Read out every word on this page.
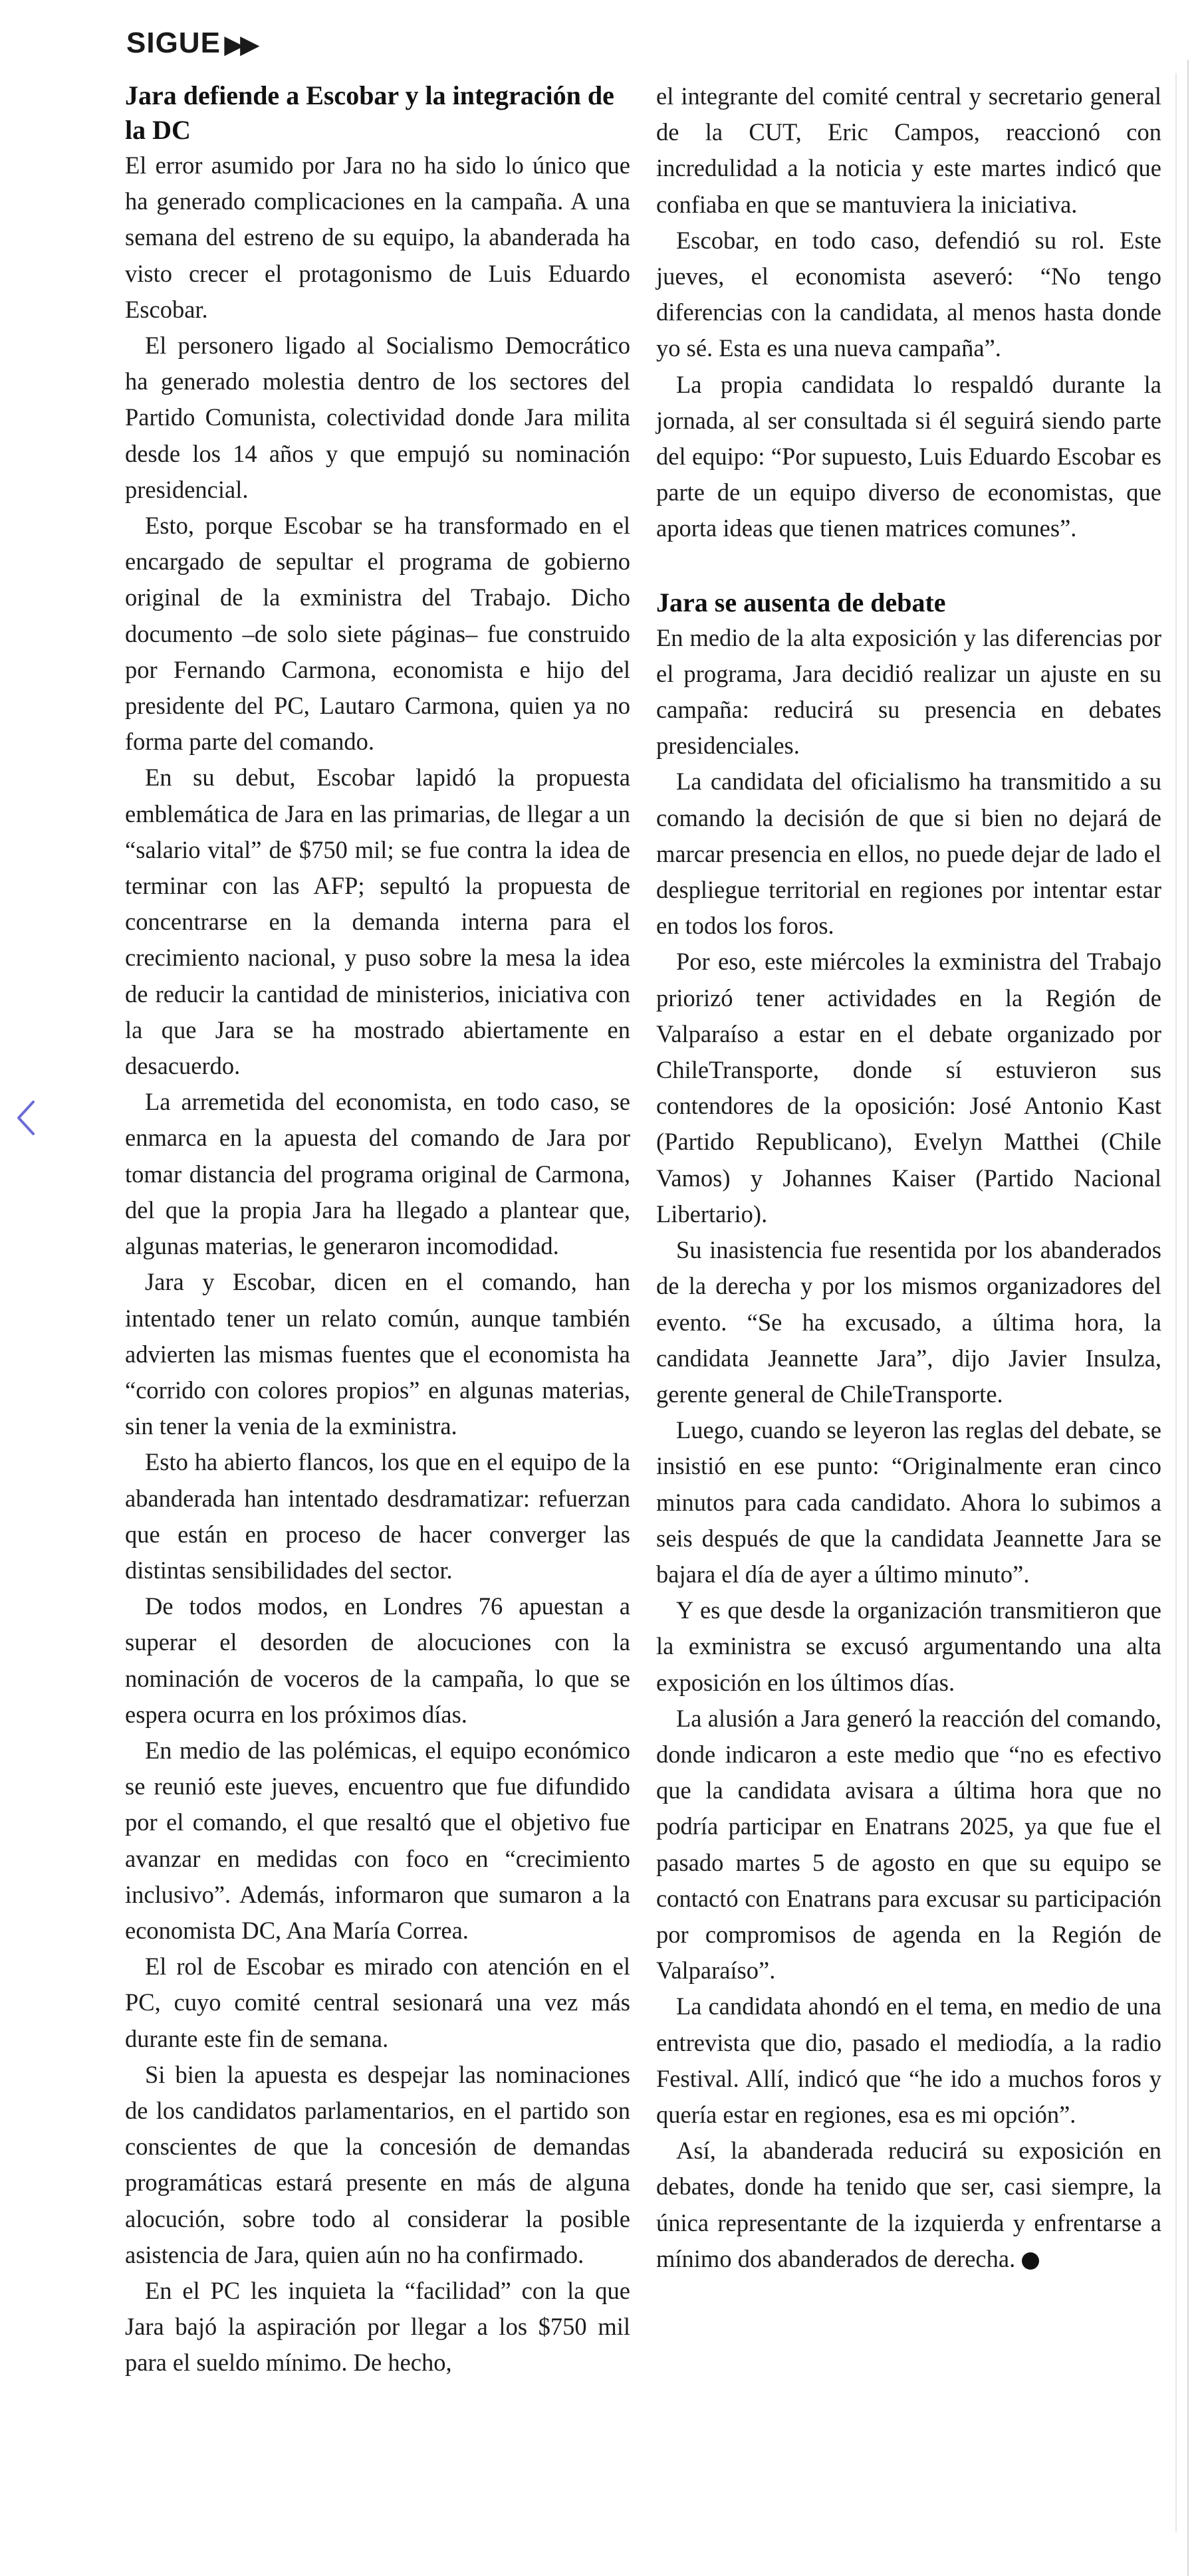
SIGUE ▶▶
Jara defiende a Escobar y la integración de la DC

El error asumido por Jara no ha sido lo único que ha generado complicaciones en la campaña. A una semana del estreno de su equipo, la abanderada ha visto crecer el protagonismo de Luis Eduardo Escobar.

El personero ligado al Socialismo Democrático ha generado molestia dentro de los sectores del Partido Comunista, colectividad donde Jara milita desde los 14 años y que empujó su nominación presidencial.

Esto, porque Escobar se ha transformado en el encargado de sepultar el programa de gobierno original de la exministra del Trabajo. Dicho documento –de solo siete páginas– fue construido por Fernando Carmona, economista e hijo del presidente del PC, Lautaro Carmona, quien ya no forma parte del comando.

En su debut, Escobar lapidó la propuesta emblemática de Jara en las primarias, de llegar a un “salario vital” de $750 mil; se fue contra la idea de terminar con las AFP; sepultó la propuesta de concentrarse en la demanda interna para el crecimiento nacional, y puso sobre la mesa la idea de reducir la cantidad de ministerios, iniciativa con la que Jara se ha mostrado abiertamente en desacuerdo.

La arremetida del economista, en todo caso, se enmarca en la apuesta del comando de Jara por tomar distancia del programa original de Carmona, del que la propia Jara ha llegado a plantear que, algunas materias, le generaron incomodidad.

Jara y Escobar, dicen en el comando, han intentado tener un relato común, aunque también advierten las mismas fuentes que el economista ha “corrido con colores propios” en algunas materias, sin tener la venia de la exministra.

Esto ha abierto flancos, los que en el equipo de la abanderada han intentado desdramatizar: refuerzan que están en proceso de hacer converger las distintas sensibilidades del sector.

De todos modos, en Londres 76 apuestan a superar el desorden de alocuciones con la nominación de voceros de la campaña, lo que se espera ocurra en los próximos días.

En medio de las polémicas, el equipo económico se reunió este jueves, encuentro que fue difundido por el comando, el que resaltó que el objetivo fue avanzar en medidas con foco en “crecimiento inclusivo”. Además, informaron que sumaron a la economista DC, Ana María Correa.

El rol de Escobar es mirado con atención en el PC, cuyo comité central sesionará una vez más durante este fin de semana.

Si bien la apuesta es despejar las nominaciones de los candidatos parlamentarios, en el partido son conscientes de que la concesión de demandas programáticas estará presente en más de alguna alocución, sobre todo al considerar la posible asistencia de Jara, quien aún no ha confirmado.

En el PC les inquieta la “facilidad” con la que Jara bajó la aspiración por llegar a los $750 mil para el sueldo mínimo. De hecho,

el integrante del comité central y secretario general de la CUT, Eric Campos, reaccionó con incredulidad a la noticia y este martes indicó que confiaba en que se mantuviera la iniciativa.

Escobar, en todo caso, defendió su rol. Este jueves, el economista aseveró: “No tengo diferencias con la candidata, al menos hasta donde yo sé. Esta es una nueva campaña”.

La propia candidata lo respaldó durante la jornada, al ser consultada si él seguirá siendo parte del equipo: “Por supuesto, Luis Eduardo Escobar es parte de un equipo diverso de economistas, que aporta ideas que tienen matrices comunes”.

Jara se ausenta de debate

En medio de la alta exposición y las diferencias por el programa, Jara decidió realizar un ajuste en su campaña: reducirá su presencia en debates presidenciales.

La candidata del oficialismo ha transmitido a su comando la decisión de que si bien no dejará de marcar presencia en ellos, no puede dejar de lado el despliegue territorial en regiones por intentar estar en todos los foros.

Por eso, este miércoles la exministra del Trabajo priorizó tener actividades en la Región de Valparaíso a estar en el debate organizado por ChileTransporte, donde sí estuvieron sus contendores de la oposición: José Antonio Kast (Partido Republicano), Evelyn Matthei (Chile Vamos) y Johannes Kaiser (Partido Nacional Libertario).

Su inasistencia fue resentida por los abanderados de la derecha y por los mismos organizadores del evento. “Se ha excusado, a última hora, la candidata Jeannette Jara”, dijo Javier Insulza, gerente general de ChileTransporte.

Luego, cuando se leyeron las reglas del debate, se insistió en ese punto: “Originalmente eran cinco minutos para cada candidato. Ahora lo subimos a seis después de que la candidata Jeannette Jara se bajara el día de ayer a último minuto”.

Y es que desde la organización transmitieron que la exministra se excusó argumentando una alta exposición en los últimos días.

La alusión a Jara generó la reacción del comando, donde indicaron a este medio que “no es efectivo que la candidata avisara a última hora que no podría participar en Enatrans 2025, ya que fue el pasado martes 5 de agosto en que su equipo se contactó con Enatrans para excusar su participación por compromisos de agenda en la Región de Valparaíso”.

La candidata ahondó en el tema, en medio de una entrevista que dio, pasado el mediodía, a la radio Festival. Allí, indicó que “he ido a muchos foros y quería estar en regiones, esa es mi opción”.

Así, la abanderada reducirá su exposición en debates, donde ha tenido que ser, casi siempre, la única representante de la izquierda y enfrentarse a mínimo dos abanderados de derecha.
